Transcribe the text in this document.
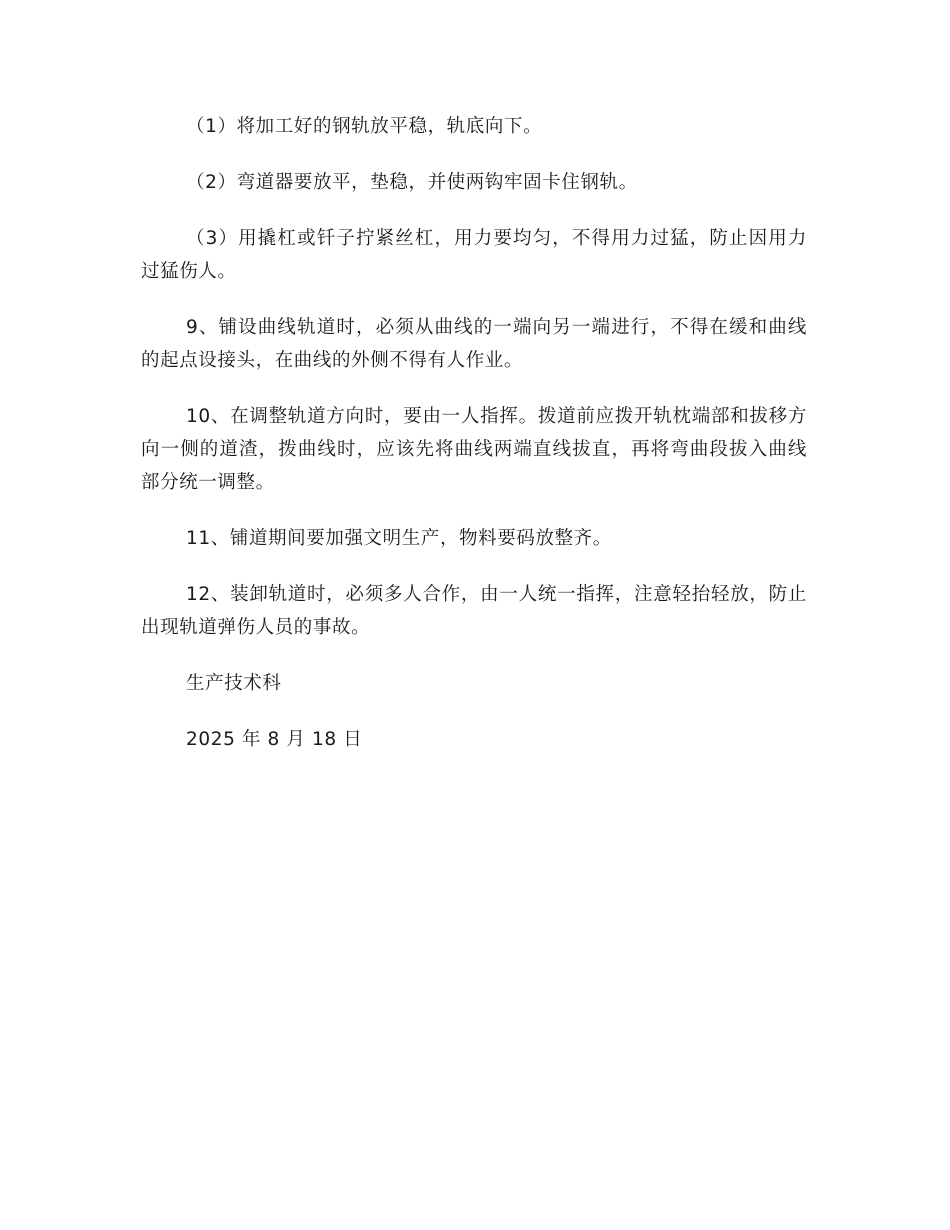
（1）将加工好的钢轨放平稳，轨底向下。

（2）弯道器要放平，垫稳，并使两钩牢固卡住钢轨。

（3）用撬杠或钎子拧紧丝杠，用力要均匀，不得用力过猛，防止因用力过猛伤人。

9、铺设曲线轨道时，必须从曲线的一端向另一端进行，不得在缓和曲线的起点设接头，在曲线的外侧不得有人作业。

10、在调整轨道方向时，要由一人指挥。拨道前应拨开轨枕端部和拔移方向一侧的道渣，拨曲线时，应该先将曲线两端直线拔直，再将弯曲段拔入曲线部分统一调整。

11、铺道期间要加强文明生产，物料要码放整齐。

12、装卸轨道时，必须多人合作，由一人统一指挥，注意轻抬轻放，防止出现轨道弹伤人员的事故。

生产技术科

2025 年 8 月 18 日
